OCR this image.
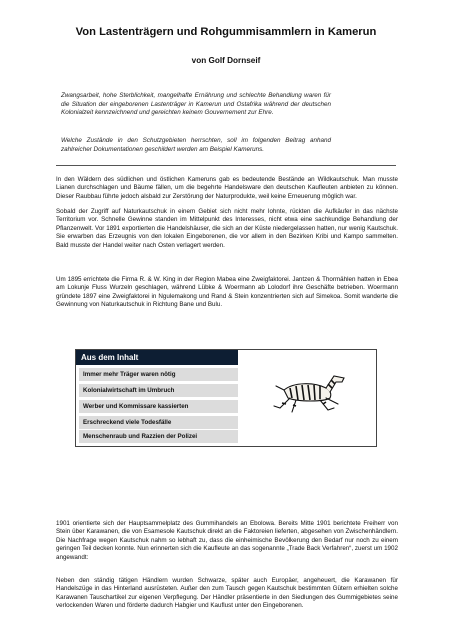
Von Lastenträgern und Rohgummisammlern in Kamerun

von Golf Dornseif

Zwangsarbeit, hohe Sterblichkeit, mangelhafte Ernährung und schlechte Behandlung waren für die Situation der eingeborenen Lastenträger in Kamerun und Ostafrika während der deutschen Kolonialzeit kennzeichnend und gereichten keinem Gouvernement zur Ehre.

Welche Zustände in den Schutzgebieten herrschten, soll im folgenden Beitrag anhand zahlreicher Dokumentationen geschildert werden am Beispiel Kameruns.

In den Wäldern des südlichen und östlichen Kameruns gab es bedeutende Bestände an Wildkautschuk. Man musste Lianen durchschlagen und Bäume fällen, um die begehrte Handelsware den deutschen Kaufleuten anbieten zu können. Dieser Raubbau führte jedoch alsbald zur Zerstörung der Naturprodukte, weil keine Erneuerung möglich war.

Sobald der Zugriff auf Naturkautschuk in einem Gebiet sich nicht mehr lohnte, rückten die Aufkäufer in das nächste Territorium vor. Schnelle Gewinne standen im Mittelpunkt des Interesses, nicht etwa eine sachkundige Behandlung der Pflanzenwelt. Vor 1891 exportierten die Handelshäuser, die sich an der Küste niedergelassen hatten, nur wenig Kautschuk. Sie erwarben das Erzeugnis von den lokalen Eingeborenen, die vor allem in den Bezirken Kribi und Kampo sammelten. Bald musste der Handel weiter nach Osten verlagert werden.

Um 1895 errichtete die Firma R. & W. King in der Region Mabea eine Zweigfaktorei. Jantzen & Thormählen hatten in Ebea am Lokunje Fluss Wurzeln geschlagen, während Lübke & Woermann ab Lolodorf ihre Geschäfte betrieben. Woermann gründete 1897 eine Zweigfaktorei in Ngulemakong und Rand & Stein konzentrierten sich auf Simekoa. Somit wanderte die Gewinnung von Naturkautschuk in Richtung Bane und Bulu.

Aus dem Inhalt
Immer mehr Träger waren nötig
Kolonialwirtschaft im Umbruch
Werber und Kommissare kassierten
Erschreckend viele Todesfälle

1901 orientierte sich der Hauptsammelplatz des Gummihandels an Ebolowa. Bereits Mitte 1901 berichtete Freiherr von Stein über Karawanen, die von Esamesole Kautschuk direkt an die Faktoreien lieferten, abgesehen von Zwischenhändlern. Die Nachfrage wegen Kautschuk nahm so lebhaft zu, dass die einheimische Bevölkerung den Bedarf nur noch zu einem geringen Teil decken konnte. Nun erinnerten sich die Kaufleute an das sogenannte „Trade Back Verfahren“, zuerst um 1902 angewandt:

Neben den ständig tätigen Händlern wurden Schwarze, später auch Europäer, angeheuert, die Karawanen für Handelszüge in das Hinterland ausrüsteten. Außer den zum Tausch gegen Kautschuk bestimmten Gütern erhielten solche Karawanen Tauschartikel zur eigenen Verpflegung. Der Händler präsentierte in den Siedlungen des Gummigebietes seine verlockenden Waren und förderte dadurch Habgier und Kauflust unter den Eingeborenen.

Menschenraub und Razzien der Polizei
